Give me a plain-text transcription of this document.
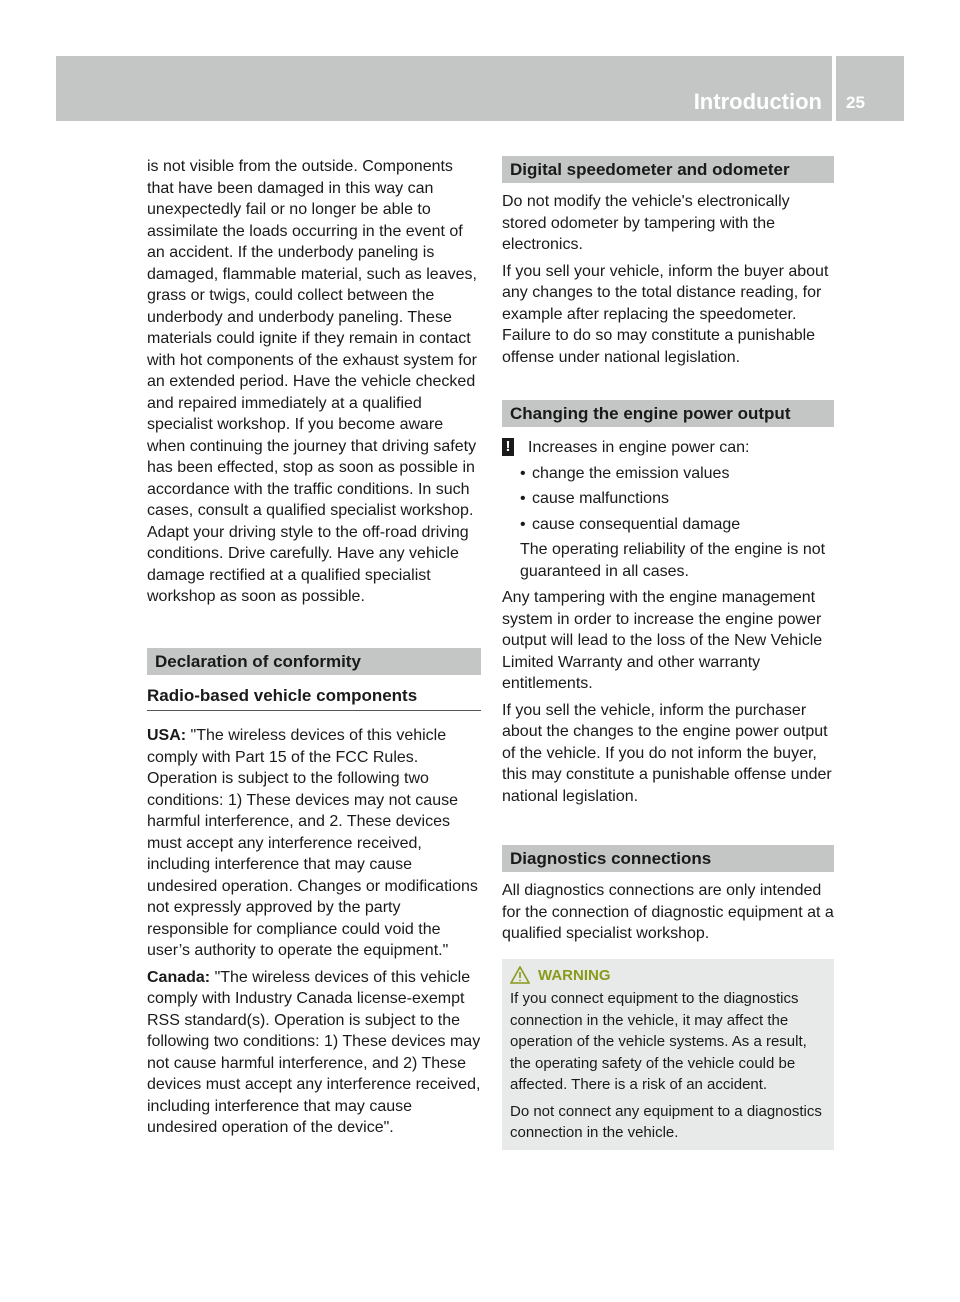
Introduction	25

is not visible from the outside. Components that have been damaged in this way can unexpectedly fail or no longer be able to assimilate the loads occurring in the event of an accident. If the underbody paneling is damaged, flammable material, such as leaves, grass or twigs, could collect between the underbody and underbody paneling. These materials could ignite if they remain in contact with hot components of the exhaust system for an extended period. Have the vehicle checked and repaired immediately at a qualified specialist workshop. If you become aware when continuing the journey that driving safety has been effected, stop as soon as possible in accordance with the traffic conditions. In such cases, consult a qualified specialist workshop. Adapt your driving style to the off-road driving conditions. Drive carefully. Have any vehicle damage rectified at a qualified specialist workshop as soon as possible.

Declaration of conformity
Radio-based vehicle components

USA: "The wireless devices of this vehicle comply with Part 15 of the FCC Rules. Operation is subject to the following two conditions: 1) These devices may not cause harmful interference, and 2. These devices must accept any interference received, including interference that may cause undesired operation. Changes or modifications not expressly approved by the party responsible for compliance could void the user’s authority to operate the equipment."

Canada: "The wireless devices of this vehicle comply with Industry Canada license-exempt RSS standard(s). Operation is subject to the following two conditions: 1) These devices may not cause harmful interference, and 2) These devices must accept any interference received, including interference that may cause undesired operation of the device".

Digital speedometer and odometer

Do not modify the vehicle's electronically stored odometer by tampering with the electronics.

If you sell your vehicle, inform the buyer about any changes to the total distance reading, for example after replacing the speedometer. Failure to do so may constitute a punishable offense under national legislation.

Changing the engine power output
! Increases in engine power can:
• change the emission values
• cause malfunctions
• cause consequential damage
The operating reliability of the engine is not guaranteed in all cases.

Any tampering with the engine management system in order to increase the engine power output will lead to the loss of the New Vehicle Limited Warranty and other warranty entitlements.

If you sell the vehicle, inform the purchaser about the changes to the engine power output of the vehicle. If you do not inform the buyer, this may constitute a punishable offense under national legislation.

Diagnostics connections

All diagnostics connections are only intended for the connection of diagnostic equipment at a qualified specialist workshop.

WARNING

If you connect equipment to the diagnostics connection in the vehicle, it may affect the operation of the vehicle systems. As a result, the operating safety of the vehicle could be affected. There is a risk of an accident.

Do not connect any equipment to a diagnostics connection in the vehicle.
